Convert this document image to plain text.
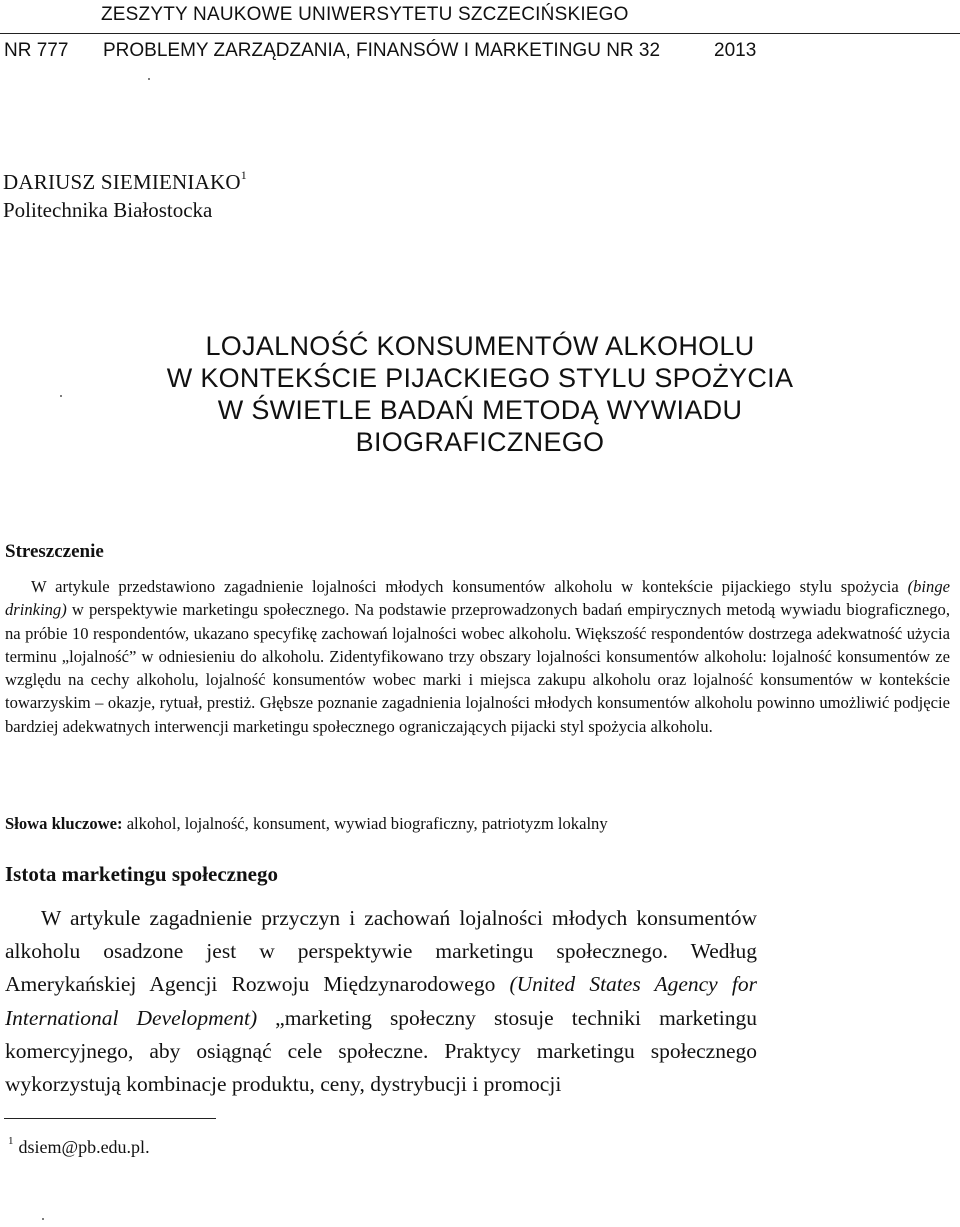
ZESZYTY NAUKOWE UNIWERSYTETU SZCZECIŃSKIEGO
NR 777 PROBLEMY ZARZĄDZANIA, FINANSÓW I MARKETINGU NR 32	2013
DARIUSZ SIEMIENIAKO$^1$
Politechnika Białostocka
LOJALNOŚĆ KONSUMENTÓW ALKOHOLU
W KONTEKŚCIE PIJACKIEGO STYLU SPOŻYCIA
W ŚWIETLE BADAŃ METODĄ WYWIADU
BIOGRAFICZNEGO
Streszczenie

W artykule przedstawiono zagadnienie lojalności młodych konsumentów alkoholu w kontekście pijackiego stylu spożycia (binge drinking) w perspektywie marketingu społecznego. Na podstawie przeprowadzonych badań empirycznych metodą wywiadu biograficznego, na próbie 10 respondentów, ukazano specyfikę zachowań lojalności wobec alkoholu. Większość respondentów dostrzega adekwatność użycia terminu „lojalność” w odniesieniu do alkoholu. Zidentyfikowano trzy obszary lojalności konsumentów alkoholu: lojalność konsumentów ze względu na cechy alkoholu, lojalność konsumentów wobec marki i miejsca zakupu alkoholu oraz lojalność konsumentów w kontekście towarzyskim – okazje, rytuał, prestiż. Głębsze poznanie zagadnienia lojalności młodych konsumentów alkoholu powinno umożliwić podjęcie bardziej adekwatnych interwencji marketingu społecznego ograniczających pijacki styl spożycia alkoholu.

Słowa kluczowe: alkohol, lojalność, konsument, wywiad biograficzny, patriotyzm lokalny
Istota marketingu społecznego

W artykule zagadnienie przyczyn i zachowań lojalności młodych konsumentów alkoholu osadzone jest w perspektywie marketingu społecznego. Według Amerykańskiej Agencji Rozwoju Międzynarodowego (United States Agency for International Development) „marketing społeczny stosuje techniki marketingu komercyjnego, aby osiągnąć cele społeczne. Praktycy marketingu społecznego wykorzystują kombinacje produktu, ceny, dystrybucji i promocji

$^1$ dsiem@pb.edu.pl.
